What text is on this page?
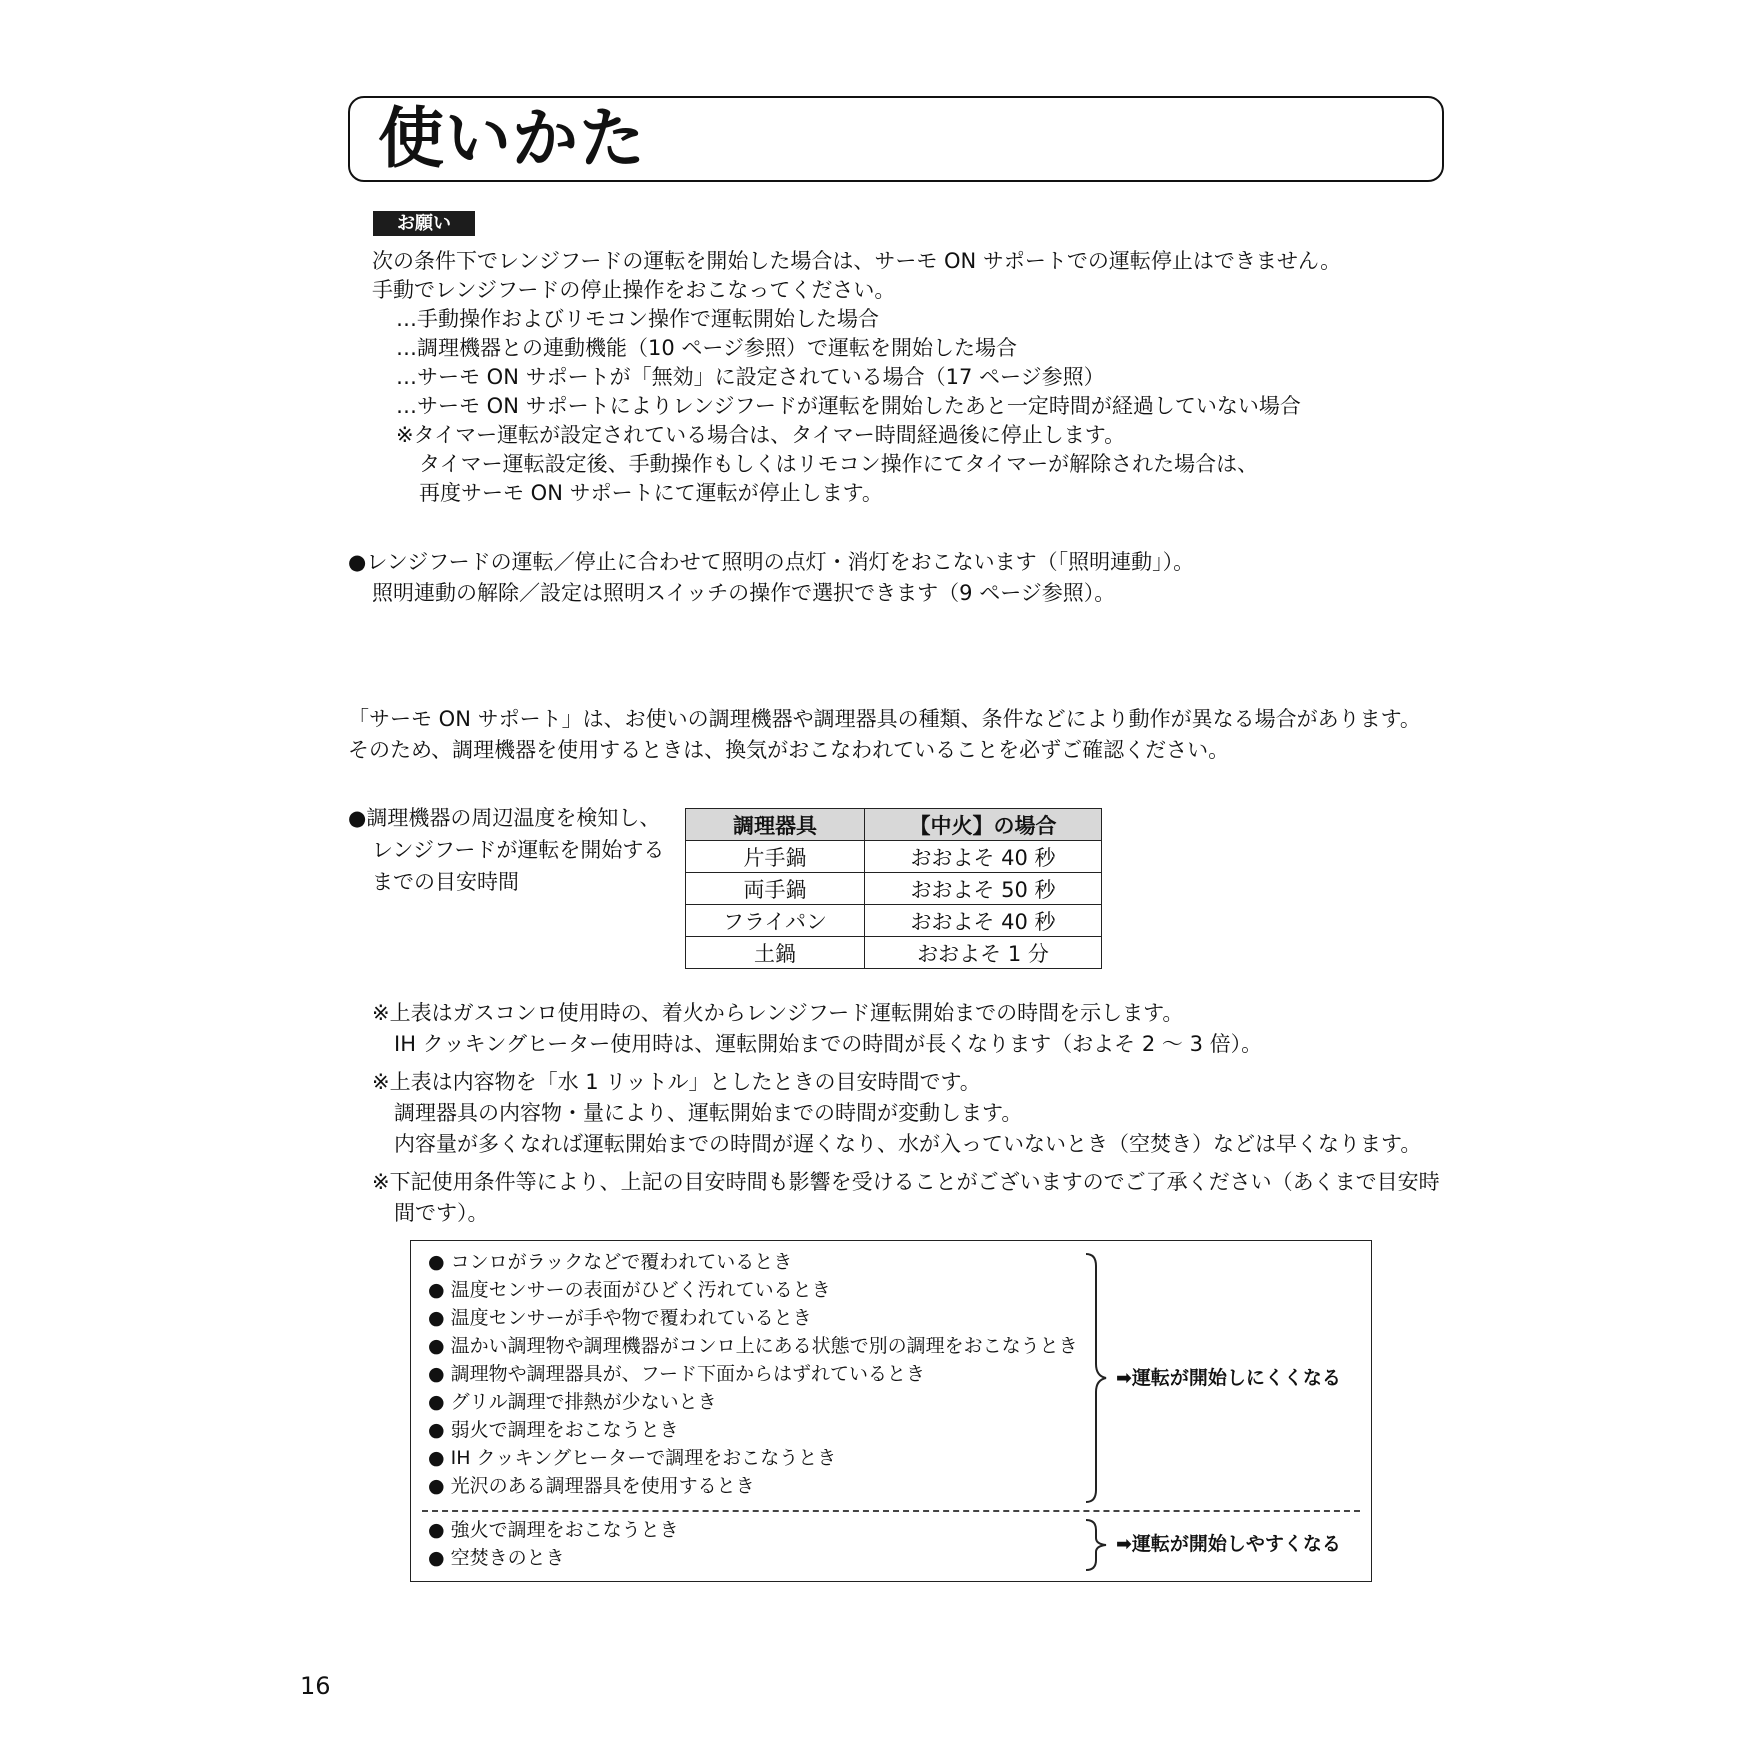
使いかた
お願い
次の条件下でレンジフードの運転を開始した場合は、サーモ ON サポートでの運転停止はできません。
手動でレンジフードの停止操作をおこなってください。
…手動操作およびリモコン操作で運転開始した場合
…調理機器との連動機能（10 ページ参照）で運転を開始した場合
…サーモ ON サポートが「無効」に設定されている場合（17 ページ参照）
…サーモ ON サポートによりレンジフードが運転を開始したあと一定時間が経過していない場合
※タイマー運転が設定されている場合は、タイマー時間経過後に停止します。
タイマー運転設定後、手動操作もしくはリモコン操作にてタイマーが解除された場合は、
再度サーモ ON サポートにて運転が停止します。
●レンジフードの運転／停止に合わせて照明の点灯・消灯をおこないます（「照明連動」）。
照明連動の解除／設定は照明スイッチの操作で選択できます（9 ページ参照）。
「サーモ ON サポート」は、お使いの調理機器や調理器具の種類、条件などにより動作が異なる場合があります。
そのため、調理機器を使用するときは、換気がおこなわれていることを必ずご確認ください。
●調理機器の周辺温度を検知し、
レンジフードが運転を開始する
までの目安時間
調理器具	【中火】の場合
片手鍋	おおよそ 40 秒
両手鍋	おおよそ 50 秒
フライパン	おおよそ 40 秒
土鍋	おおよそ 1 分
※上表はガスコンロ使用時の、着火からレンジフード運転開始までの時間を示します。
IH クッキングヒーター使用時は、運転開始までの時間が長くなります（およそ 2 ～ 3 倍）。
※上表は内容物を「水 1 リットル」としたときの目安時間です。
調理器具の内容物・量により、運転開始までの時間が変動します。
内容量が多くなれば運転開始までの時間が遅くなり、水が入っていないとき（空焚き）などは早くなります。
※下記使用条件等により、上記の目安時間も影響を受けることがございますのでご了承ください（あくまで目安時
間です）。
● コンロがラックなどで覆われているとき
● 温度センサーの表面がひどく汚れているとき
● 温度センサーが手や物で覆われているとき
● 温かい調理物や調理機器がコンロ上にある状態で別の調理をおこなうとき
● 調理物や調理器具が、フード下面からはずれているとき
● グリル調理で排熱が少ないとき
● 弱火で調理をおこなうとき
● IH クッキングヒーターで調理をおこなうとき
● 光沢のある調理器具を使用するとき
➡運転が開始しにくくなる
● 強火で調理をおこなうとき
● 空焚きのとき
➡運転が開始しやすくなる
16
